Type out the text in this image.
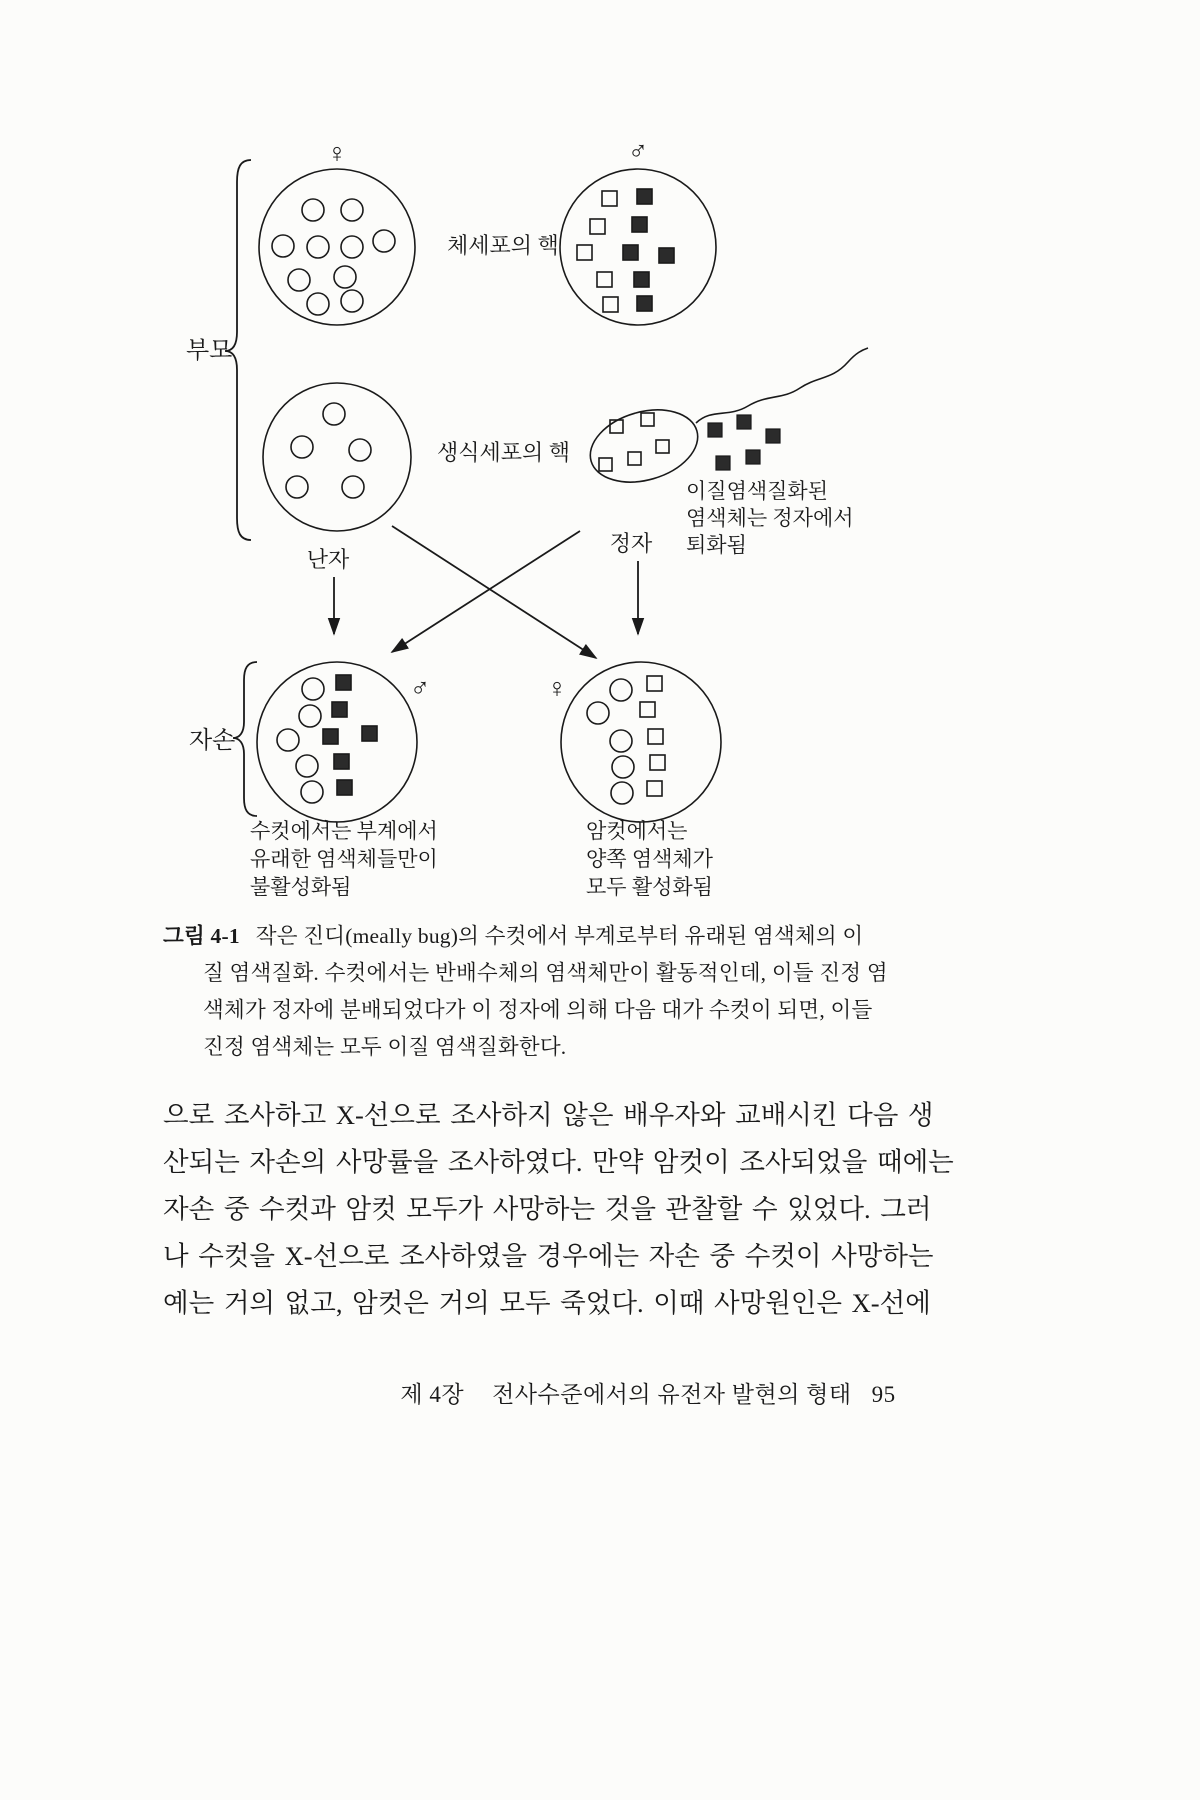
부모
자손
♀	♂
체세포의 핵
생식세포의 핵
이질염색질화된
염색체는 정자에서
퇴화됨
난자
정자
♂	♀
수컷에서는 부계에서
유래한 염색체들만이
불활성화됨
암컷에서는
양쪽 염색체가
모두 활성화됨
그림 4-1 작은 진디(meally bug)의 수컷에서 부계로부터 유래된 염색체의 이
질 염색질화. 수컷에서는 반배수체의 염색체만이 활동적인데, 이들 진정 염
색체가 정자에 분배되었다가 이 정자에 의해 다음 대가 수컷이 되면, 이들
진정 염색체는 모두 이질 염색질화한다.
으로 조사하고 X-선으로 조사하지 않은 배우자와 교배시킨 다음 생
산되는 자손의 사망률을 조사하였다. 만약 암컷이 조사되었을 때에는
자손 중 수컷과 암컷 모두가 사망하는 것을 관찰할 수 있었다. 그러
나 수컷을 X-선으로 조사하였을 경우에는 자손 중 수컷이 사망하는
예는 거의 없고, 암컷은 거의 모두 죽었다. 이때 사망원인은 X-선에
제 4장 전사수준에서의 유전자 발현의 형태 95
